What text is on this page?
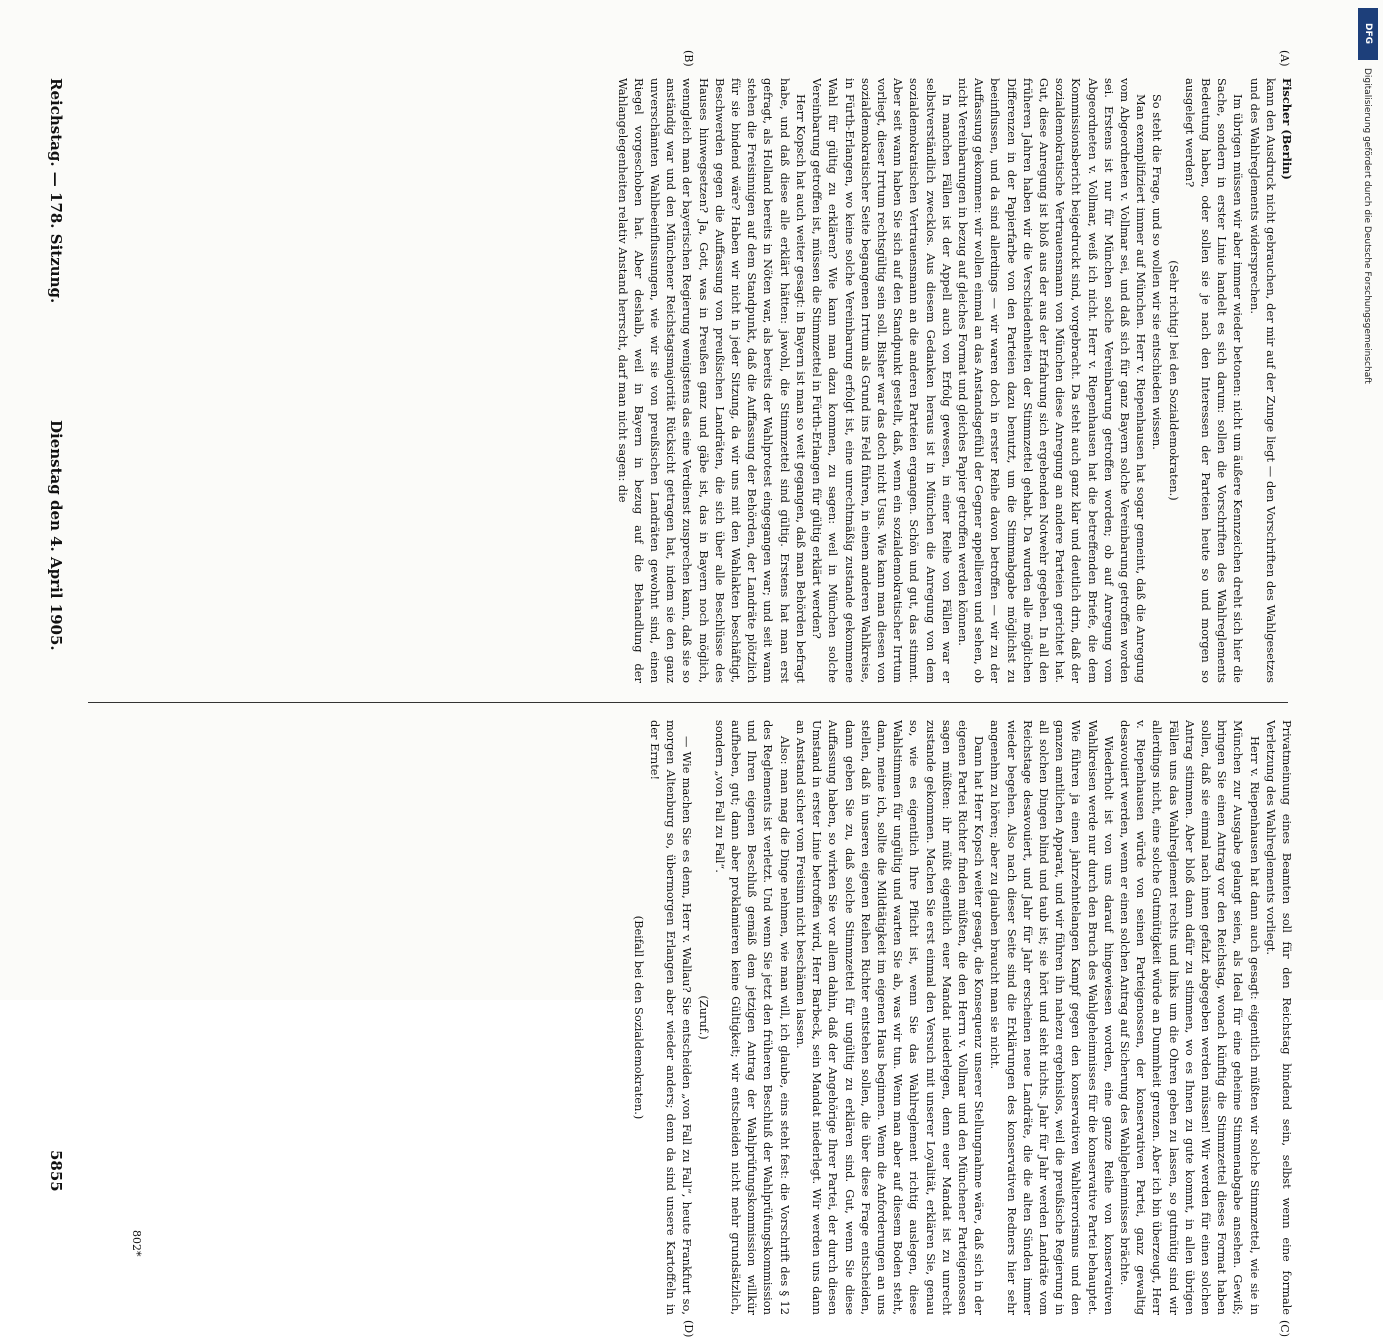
(A)
(B)
(C)
(D)

Fischer (Berlin)

kann den Ausdruck nicht gebrauchen, der mir auf der Zunge liegt — den Vorschriften des Wahlgesetzes und des Wahlreglements widersprechen.

Im übrigen müssen wir aber immer wieder betonen: nicht um äußere Kennzeichen dreht sich hier die Sache, sondern in erster Linie handelt es sich darum: sollen die Vorschriften des Wahlreglements Bedeutung haben, oder sollen sie je nach den Interessen der Parteien heute so und morgen so ausgelegt werden?

(Sehr richtig! bei den Sozialdemokraten.)

So steht die Frage, und so wollen wir sie entschieden wissen.

Man exemplifiziert immer auf München. Herr v. Riepenhausen hat sogar gemeint, daß die Anregung vom Abgeordneten v. Vollmar sei, und daß sich für ganz Bayern solche Vereinbarung getroffen worden sei. Erstens ist nur für München solche Vereinbarung getroffen worden; ob auf Anregung vom Abgeordneten v. Vollmar, weiß ich nicht. Herr v. Riepenhausen hat die betreffenden Briefe, die dem Kommissionsbericht beigedruckt sind, vorgebracht. Da steht auch ganz klar und deutlich drin, daß der sozialdemokratische Vertrauensmann von München diese Anregung an andere Parteien gerichtet hat. Gut, diese Anregung ist bloß aus der aus der Erfahrung sich ergebenden Notwehr gegeben. In all den früheren Jahren haben wir die Verschiedenheiten der Stimmzettel gehabt. Da wurden alle möglichen Differenzen in der Papierfarbe von den Parteien dazu benutzt, um die Stimmabgabe möglichst zu beeinflussen, und da sind allerdings — wir waren doch in erster Reihe davon betroffen — wir zu der Auffassung gekommen: wir wollen einmal an das Anstandsgefühl der Gegner appellieren und sehen, ob nicht Vereinbarungen in bezug auf gleiches Format und gleiches Papier getroffen werden können.

In manchen Fällen ist der Appell auch von Erfolg gewesen, in einer Reihe von Fällen war er selbstverständlich zwecklos. Aus diesem Gedanken heraus ist in München die Anregung von dem sozialdemokratischen Vertrauensmann an die anderen Parteien ergangen. Schön und gut, das stimmt. Aber seit wann haben Sie sich auf den Standpunkt gestellt, daß, wenn ein sozialdemokratischer Irrtum vorliegt, dieser Irrtum rechtsgültig sein soll. Bisher war das doch nicht Usus. Wie kann man diesen von sozialdemokratischer Seite begangenen Irrtum als Grund ins Feld führen, in einem anderen Wahlkreise, in Fürth-Erlangen, wo keine solche Vereinbarung erfolgt ist, eine unrechtmäßig zustande gekommene Wahl für gültig zu erklären? Wie kann man dazu kommen, zu sagen: weil in München solche Vereinbarung getroffen ist, müssen die Stimmzettel in Fürth-Erlangen für gültig erklärt werden?

Herr Kopsch hat auch weiter gesagt: in Bayern ist man so weit gegangen, daß man Behörden befragt habe, und daß diese alle erklärt hätten: jawohl, die Stimmzettel sind gültig. Erstens hat man erst gefragt, als Holland bereits in Nöten war, als bereits der Wahlprotest eingegangen war; und seit wann stehen die Freisinnigen auf dem Standpunkt, daß die Auffassung der Behörden, der Landräte plötzlich für sie bindend wäre? Haben wir nicht in jeder Sitzung, da wir uns mit den Wahlakten beschäftigt, Beschwerden gegen die Auffassung von preußischen Landräten, die sich über alle Beschlüsse des Hauses hinwegsetzen? Ja, Gott, was in Preußen ganz und gäbe ist, das in Bayern noch möglich, wenngleich man der bayerischen Regierung wenigstens das eine Verdienst zusprechen kann, daß sie so anständig war und den Münchener Reichstagsmajorität Rücksicht getragen hat, indem sie den ganz unverschämten Wahlbeeinflussungen, wie wir sie von preußischen Landräten gewohnt sind, einen Riegel vorgeschoben hat. Aber deshalb, weil in Bayern in bezug auf die Behandlung der Wahlangelegenheiten relativ Anstand herrscht, darf man nicht sagen: die

Privatmeinung eines Beamten soll für den Reichstag bindend sein, selbst wenn eine formale Verletzung des Wahlreglements vorliegt.

Herr v. Riepenhausen hat dann auch gesagt: eigentlich müßten wir solche Stimmzettel, wie sie in München zur Ausgabe gelangt seien, als Ideal für eine geheime Stimmenabgabe ansehen. Gewiß; bringen Sie einen Antrag vor den Reichstag, wonach künftig die Stimmzettel dieses Format haben sollen, daß sie einmal nach innen gefalzt abgegeben werden müssen! Wir werden für einen solchen Antrag stimmen. Aber bloß dann dafür zu stimmen, wo es Ihnen zu gute kommt, in allen übrigen Fällen uns das Wahlreglement rechts und links um die Ohren geben zu lassen, so gutmütig sind wir allerdings nicht, eine solche Gutmütigkeit würde an Dummheit grenzen. Aber ich bin überzeugt, Herr v. Riepenhausen würde von seinen Parteigenossen, der konservativen Partei, ganz gewaltig desavouiert werden, wenn er einen solchen Antrag auf Sicherung des Wahlgeheimnisses brächte.

Wiederholt ist von uns darauf hingewiesen worden, eine ganze Reihe von konservativen Wahlkreisen werde nur durch den Bruch des Wahlgeheimnisses für die konservative Partei behauptet. Wie führen ja einen jahrzehntelangen Kampf gegen den konservativen Wahlterrorismus und den ganzen amtlichen Apparat, und wir führen ihn nahezu ergebnislos, weil die preußische Regierung in all solchen Dingen blind und taub ist; sie hört und sieht nichts. Jahr für Jahr werden Landräte vom Reichstage desavouiert, und Jahr für Jahr erscheinen neue Landräte, die die alten Sünden immer wieder begehen. Also nach dieser Seite sind die Erklärungen des konservativen Redners hier sehr angenehm zu hören; aber zu glauben braucht man sie nicht.

Dann hat Herr Kopsch weiter gesagt, die Konsequenz unserer Stellungnahme wäre, daß sich in der eigenen Partei Richter finden müßten, die den Herrn v. Vollmar und den Münchener Parteigenossen sagen müßten: ihr müßt eigentlich euer Mandat niederlegen, denn euer Mandat ist zu unrecht zustande gekommen. Machen Sie erst einmal den Versuch mit unserer Loyalität, erklären Sie, genau so, wie es eigentlich Ihre Pflicht ist, wenn Sie das Wahlreglement richtig auslegen, diese Wahlstimmen für ungültig und warten Sie ab, was wir tun. Wenn man aber auf diesem Boden steht, dann, meine ich, sollte die Mildtätigkeit im eigenen Haus beginnen. Wenn die Anforderungen an uns stellen, daß in unseren eigenen Reihen Richter entstehen sollen, die über diese Frage entscheiden, dann geben Sie zu, daß solche Stimmzettel für ungültig zu erklären sind. Gut, wenn Sie diese Auffassung haben, so wirken Sie vor allem dahin, daß der Angehörige Ihrer Partei, der durch diesen Umstand in erster Linie betroffen wird, Herr Barbeck, sein Mandat niederlegt. Wir werden uns dann an Anstand sicher vom Freisinn nicht beschämen lassen.

Also: man mag die Dinge nehmen, wie man will, ich glaube, eins steht fest: die Vorschrift des § 12 des Reglements ist verletzt. Und wenn Sie jetzt den früheren Beschluß der Wahlprüfungskommission und Ihren eigenen Beschluß gemäß dem jetzigen Antrag der Wahlprüfungskommission willkür aufheben, gut; dann aber proklamieren keine Gültigkeit; wir entscheiden nicht mehr grundsätzlich, sondern „von Fall zu Fall“.

(Zuruf.)

— Wie machen Sie es denn, Herr v. Wallau? Sie entscheiden „von Fall zu Fall“, heute Frankfurt so, morgen Altenburg so, übermorgen Erlangen aber wieder anders; denn da sind unsere Kartoffeln in der Ernte!

(Beifall bei den Sozialdemokraten.)

Reichstag. — 178. Sitzung.
Dienstag den 4. April 1905.
5855
802*
DFG
Digitalisierung gefördert durch die Deutsche Forschungsgemeinschaft
